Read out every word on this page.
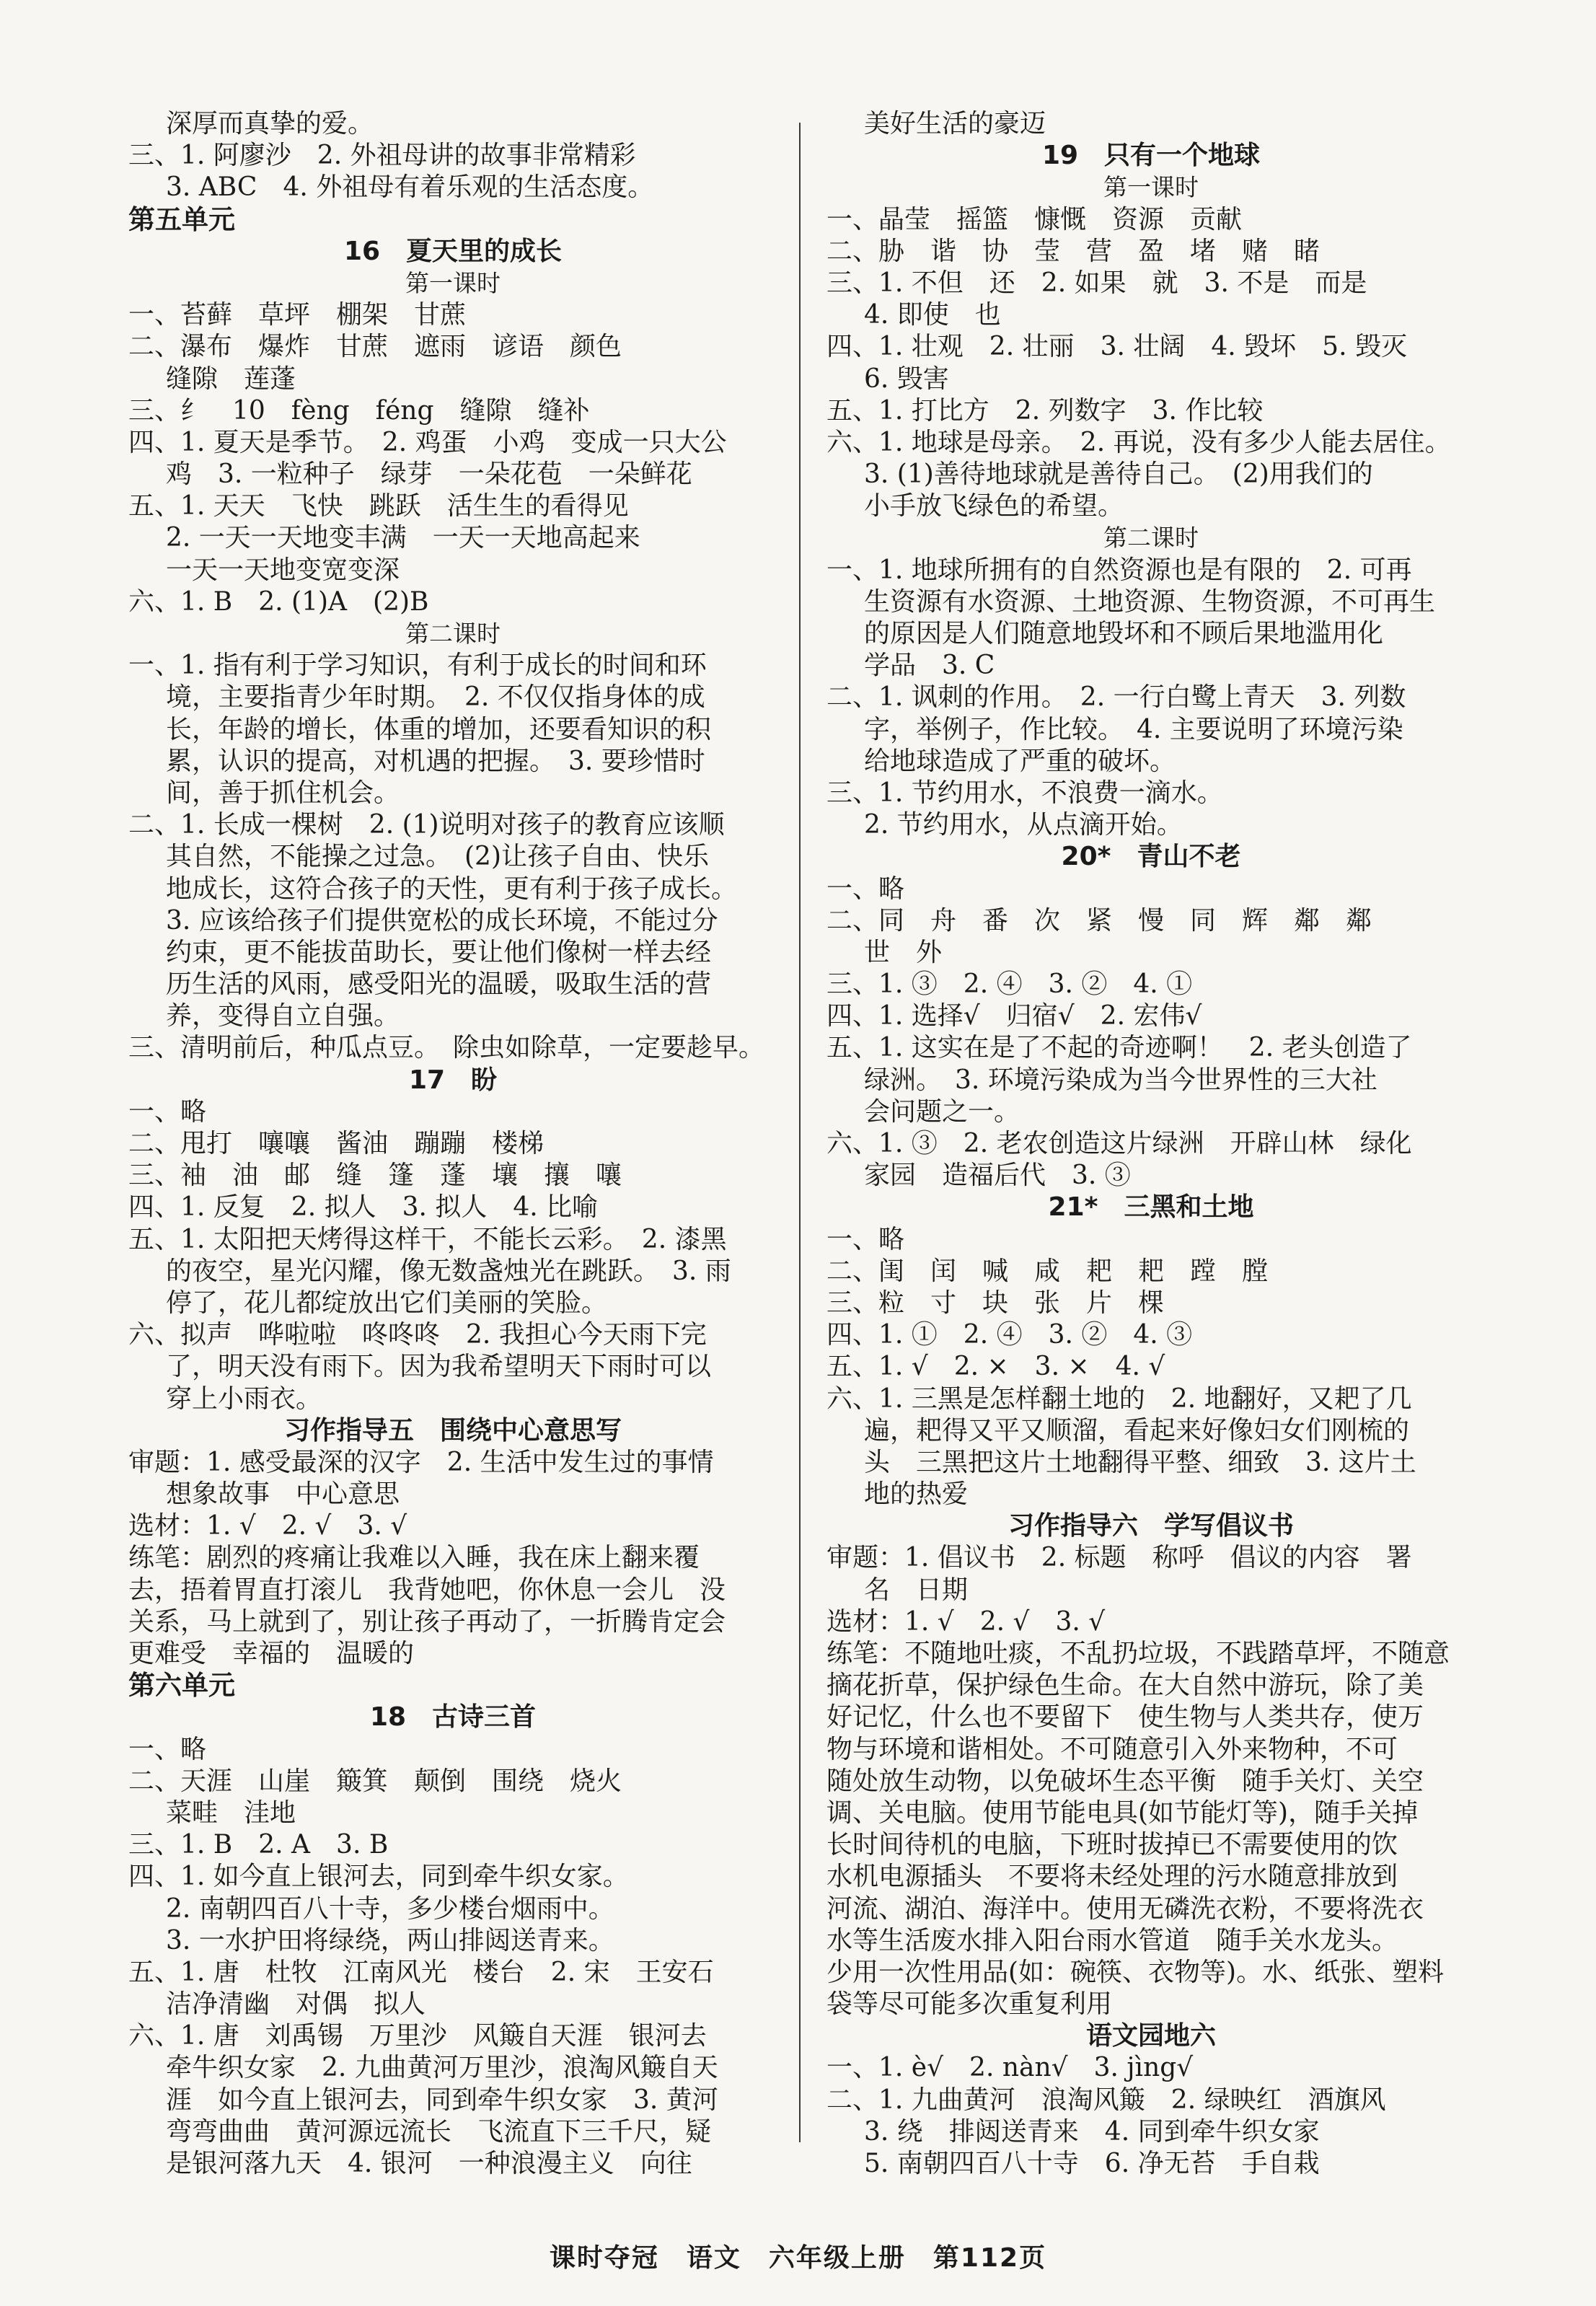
深厚而真挚的爱。
三、1. 阿廖沙　2. 外祖母讲的故事非常精彩
3. ABC　4. 外祖母有着乐观的生活态度。
第五单元
16　夏天里的成长
第一课时
一、苔藓　草坪　棚架　甘蔗
二、瀑布　爆炸　甘蔗　遮雨　谚语　颜色
缝隙　莲蓬
三、纟　10　fèng　féng　缝隙　缝补
四、1. 夏天是季节。　2. 鸡蛋　小鸡　变成一只大公
鸡　3. 一粒种子　绿芽　一朵花苞　一朵鲜花
五、1. 天天　飞快　跳跃　活生生的看得见
2. 一天一天地变丰满　一天一天地高起来
一天一天地变宽变深
六、1. B　2. (1)A　(2)B
第二课时
一、1. 指有利于学习知识，有利于成长的时间和环
境，主要指青少年时期。　2. 不仅仅指身体的成
长，年龄的增长，体重的增加，还要看知识的积
累，认识的提高，对机遇的把握。　3. 要珍惜时
间，善于抓住机会。
二、1. 长成一棵树　2. (1)说明对孩子的教育应该顺
其自然，不能操之过急。　(2)让孩子自由、快乐
地成长，这符合孩子的天性，更有利于孩子成长。
3. 应该给孩子们提供宽松的成长环境，不能过分
约束，更不能拔苗助长，要让他们像树一样去经
历生活的风雨，感受阳光的温暖，吸取生活的营
养，变得自立自强。
三、清明前后，种瓜点豆。　除虫如除草，一定要趁早。
17　盼
一、略
二、甩打　嚷嚷　酱油　蹦蹦　楼梯
三、袖　油　邮　缝　篷　蓬　壤　攘　嚷
四、1. 反复　2. 拟人　3. 拟人　4. 比喻
五、1. 太阳把天烤得这样干，不能长云彩。　2. 漆黑
的夜空，星光闪耀，像无数盏烛光在跳跃。　3. 雨
停了，花儿都绽放出它们美丽的笑脸。
六、拟声　哗啦啦　咚咚咚　2. 我担心今天雨下完
了，明天没有雨下。因为我希望明天下雨时可以
穿上小雨衣。
习作指导五　围绕中心意思写
审题：1. 感受最深的汉字　2. 生活中发生过的事情
想象故事　中心意思
选材：1. √　2. √　3. √
练笔：剧烈的疼痛让我难以入睡，我在床上翻来覆
去，捂着胃直打滚儿　我背她吧，你休息一会儿　没
关系，马上就到了，别让孩子再动了，一折腾肯定会
更难受　幸福的　温暖的
第六单元
18　古诗三首
一、略
二、天涯　山崖　簸箕　颠倒　围绕　烧火
菜畦　洼地
三、1. B　2. A　3. B
四、1. 如今直上银河去，同到牵牛织女家。
2. 南朝四百八十寺，多少楼台烟雨中。
3. 一水护田将绿绕，两山排闼送青来。
五、1. 唐　杜牧　江南风光　楼台　2. 宋　王安石
洁净清幽　对偶　拟人
六、1. 唐　刘禹锡　万里沙　风簸自天涯　银河去
牵牛织女家　2. 九曲黄河万里沙，浪淘风簸自天
涯　如今直上银河去，同到牵牛织女家　3. 黄河
弯弯曲曲　黄河源远流长　飞流直下三千尺，疑
是银河落九天　4. 银河　一种浪漫主义　向往
美好生活的豪迈
19　只有一个地球
第一课时
一、晶莹　摇篮　慷慨　资源　贡献
二、胁　谐　协　莹　营　盈　堵　赌　睹
三、1. 不但　还　2. 如果　就　3. 不是　而是
4. 即使　也
四、1. 壮观　2. 壮丽　3. 壮阔　4. 毁坏　5. 毁灭
6. 毁害
五、1. 打比方　2. 列数字　3. 作比较
六、1. 地球是母亲。　2. 再说，没有多少人能去居住。
3. (1)善待地球就是善待自己。　(2)用我们的
小手放飞绿色的希望。
第二课时
一、1. 地球所拥有的自然资源也是有限的　2. 可再
生资源有水资源、土地资源、生物资源，不可再生
的原因是人们随意地毁坏和不顾后果地滥用化
学品　3. C
二、1. 讽刺的作用。　2. 一行白鹭上青天　3. 列数
字，举例子，作比较。　4. 主要说明了环境污染
给地球造成了严重的破坏。
三、1. 节约用水，不浪费一滴水。
2. 节约用水，从点滴开始。
20*　青山不老
一、略
二、同　舟　番　次　紧　慢　同　辉　鄰　鄰
世　外
三、1. ③　2. ④　3. ②　4. ①
四、1. 选择√　归宿√　2. 宏伟√
五、1. 这实在是了不起的奇迹啊！　2. 老头创造了
绿洲。　3. 环境污染成为当今世界性的三大社
会问题之一。
六、1. ③　2. 老农创造这片绿洲　开辟山林　绿化
家园　造福后代　3. ③
21*　三黑和土地
一、略
二、闺　闰　喊　咸　耙　耙　蹚　膛
三、粒　寸　块　张　片　棵
四、1. ①　2. ④　3. ②　4. ③
五、1. √　2. ×　3. ×　4. √
六、1. 三黑是怎样翻土地的　2. 地翻好，又耙了几
遍，耙得又平又顺溜，看起来好像妇女们刚梳的
头　三黑把这片土地翻得平整、细致　3. 这片土
地的热爱
习作指导六　学写倡议书
审题：1. 倡议书　2. 标题　称呼　倡议的内容　署
名　日期
选材：1. √　2. √　3. √
练笔：不随地吐痰，不乱扔垃圾，不践踏草坪，不随意
摘花折草，保护绿色生命。在大自然中游玩，除了美
好记忆，什么也不要留下　使生物与人类共存，使万
物与环境和谐相处。不可随意引入外来物种，不可
随处放生动物，以免破坏生态平衡　随手关灯、关空
调、关电脑。使用节能电具(如节能灯等)，随手关掉
长时间待机的电脑，下班时拔掉已不需要使用的饮
水机电源插头　不要将未经处理的污水随意排放到
河流、湖泊、海洋中。使用无磷洗衣粉，不要将洗衣
水等生活废水排入阳台雨水管道　随手关水龙头。
少用一次性用品(如：碗筷、衣物等)。水、纸张、塑料
袋等尽可能多次重复利用
语文园地六
一、1. è√　2. nàn√　3. jìng√
二、1. 九曲黄河　浪淘风簸　2. 绿映红　酒旗风
3. 绕　排闼送青来　4. 同到牵牛织女家
5. 南朝四百八十寺　6. 净无苔　手自栽
课时夺冠　语文　六年级上册　第112页
